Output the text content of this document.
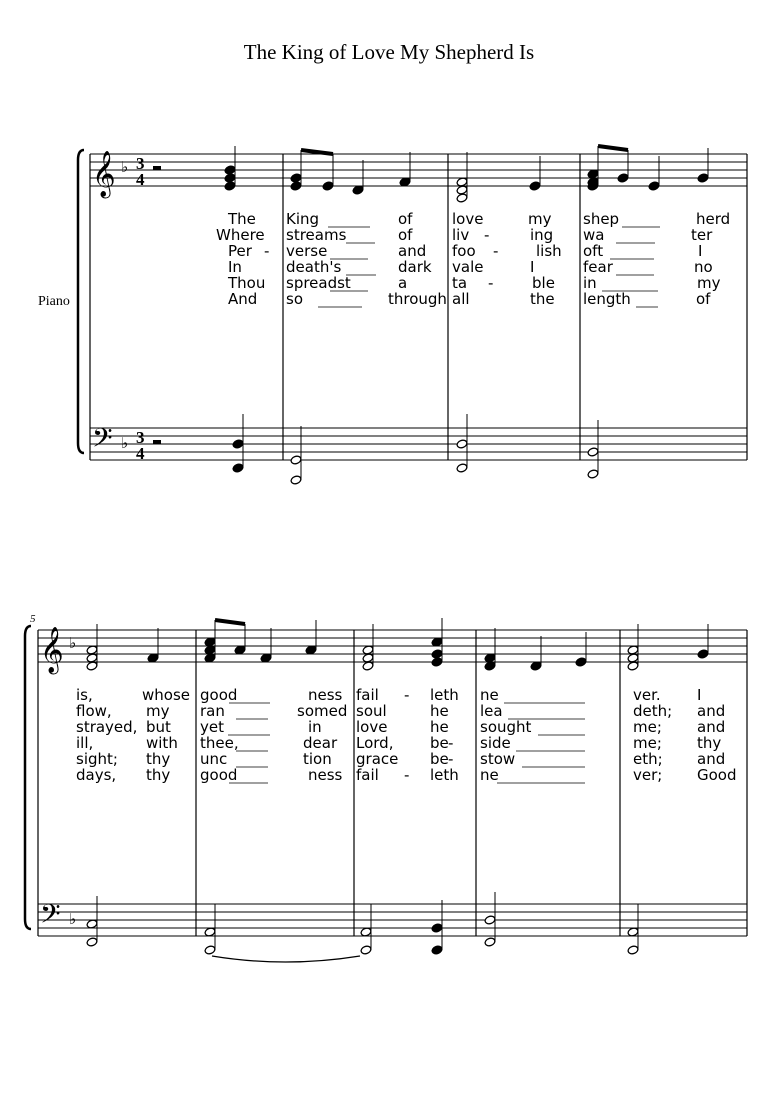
The King of Love My Shepherd Is
Piano
The King	of	love	my shep	herd
Where streams	of	liv -	ing wa	ter
Per - verse	and foo -	lish oft	I
In	death's	dark vale	I	fear	no
Thou spreadst	a	ta -	ble in	my
And so	through all	the length	of
is,	whose good	ness fail - leth ne	ver. I
flow, my ran	somed soul	he lea	deth; and
strayed, but yet	in love	he sought	me; and
ill,	with thee,	dear Lord, be - side	me; thy
sight; thy unc	tion grace be - stow	eth; and
days, thy good	ness fail - leth ne	ver; Good
𝄞
𝄢
♭
♭
𝄞
𝄢
♭
♭
3
4
3
4
5
